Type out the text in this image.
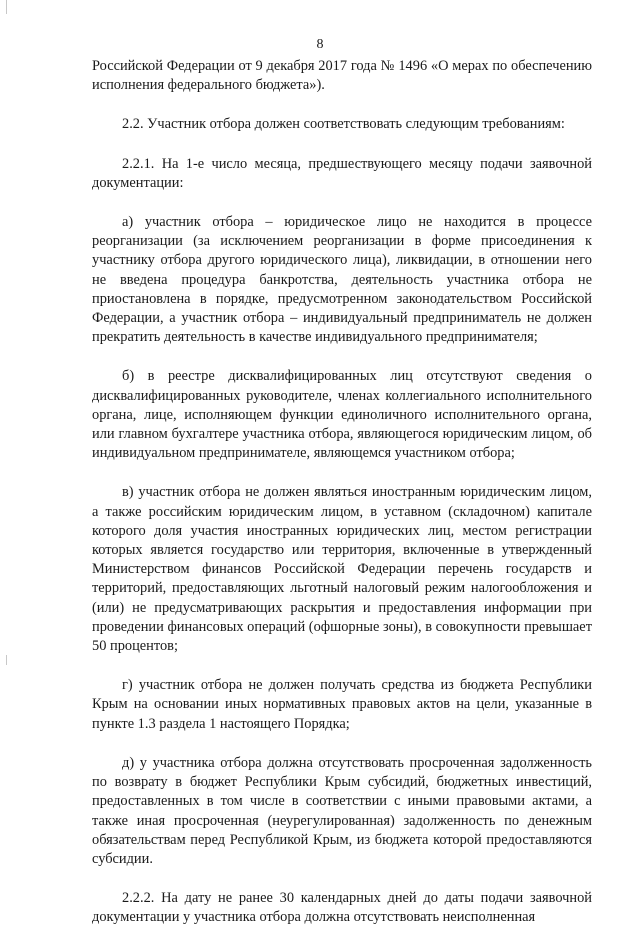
8

Российской Федерации от 9 декабря 2017 года № 1496 «О мерах по обеспечению исполнения федерального бюджета»).

2.2. Участник отбора должен соответствовать следующим требованиям:

2.2.1. На 1-е число месяца, предшествующего месяцу подачи заявочной документации:

а) участник отбора – юридическое лицо не находится в процессе реорганизации (за исключением реорганизации в форме присоединения к участнику отбора другого юридического лица), ликвидации, в отношении него не введена процедура банкротства, деятельность участника отбора не приостановлена в порядке, предусмотренном законодательством Российской Федерации, а участник отбора – индивидуальный предприниматель не должен прекратить деятельность в качестве индивидуального предпринимателя;

б) в реестре дисквалифицированных лиц отсутствуют сведения о дисквалифицированных руководителе, членах коллегиального исполнительного органа, лице, исполняющем функции единоличного исполнительного органа, или главном бухгалтере участника отбора, являющегося юридическим лицом, об индивидуальном предпринимателе, являющемся участником отбора;

в) участник отбора не должен являться иностранным юридическим лицом, а также российским юридическим лицом, в уставном (складочном) капитале которого доля участия иностранных юридических лиц, местом регистрации которых является государство или территория, включенные в утвержденный Министерством финансов Российской Федерации перечень государств и территорий, предоставляющих льготный налоговый режим налогообложения и (или) не предусматривающих раскрытия и предоставления информации при проведении финансовых операций (офшорные зоны), в совокупности превышает 50 процентов;

г) участник отбора не должен получать средства из бюджета Республики Крым на основании иных нормативных правовых актов на цели, указанные в пункте 1.3 раздела 1 настоящего Порядка;

д) у участника отбора должна отсутствовать просроченная задолженность по возврату в бюджет Республики Крым субсидий, бюджетных инвестиций, предоставленных в том числе в соответствии с иными правовыми актами, а также иная просроченная (неурегулированная) задолженность по денежным обязательствам перед Республикой Крым, из бюджета которой предоставляются субсидии.

2.2.2. На дату не ранее 30 календарных дней до даты подачи заявочной документации у участника отбора должна отсутствовать неисполненная
